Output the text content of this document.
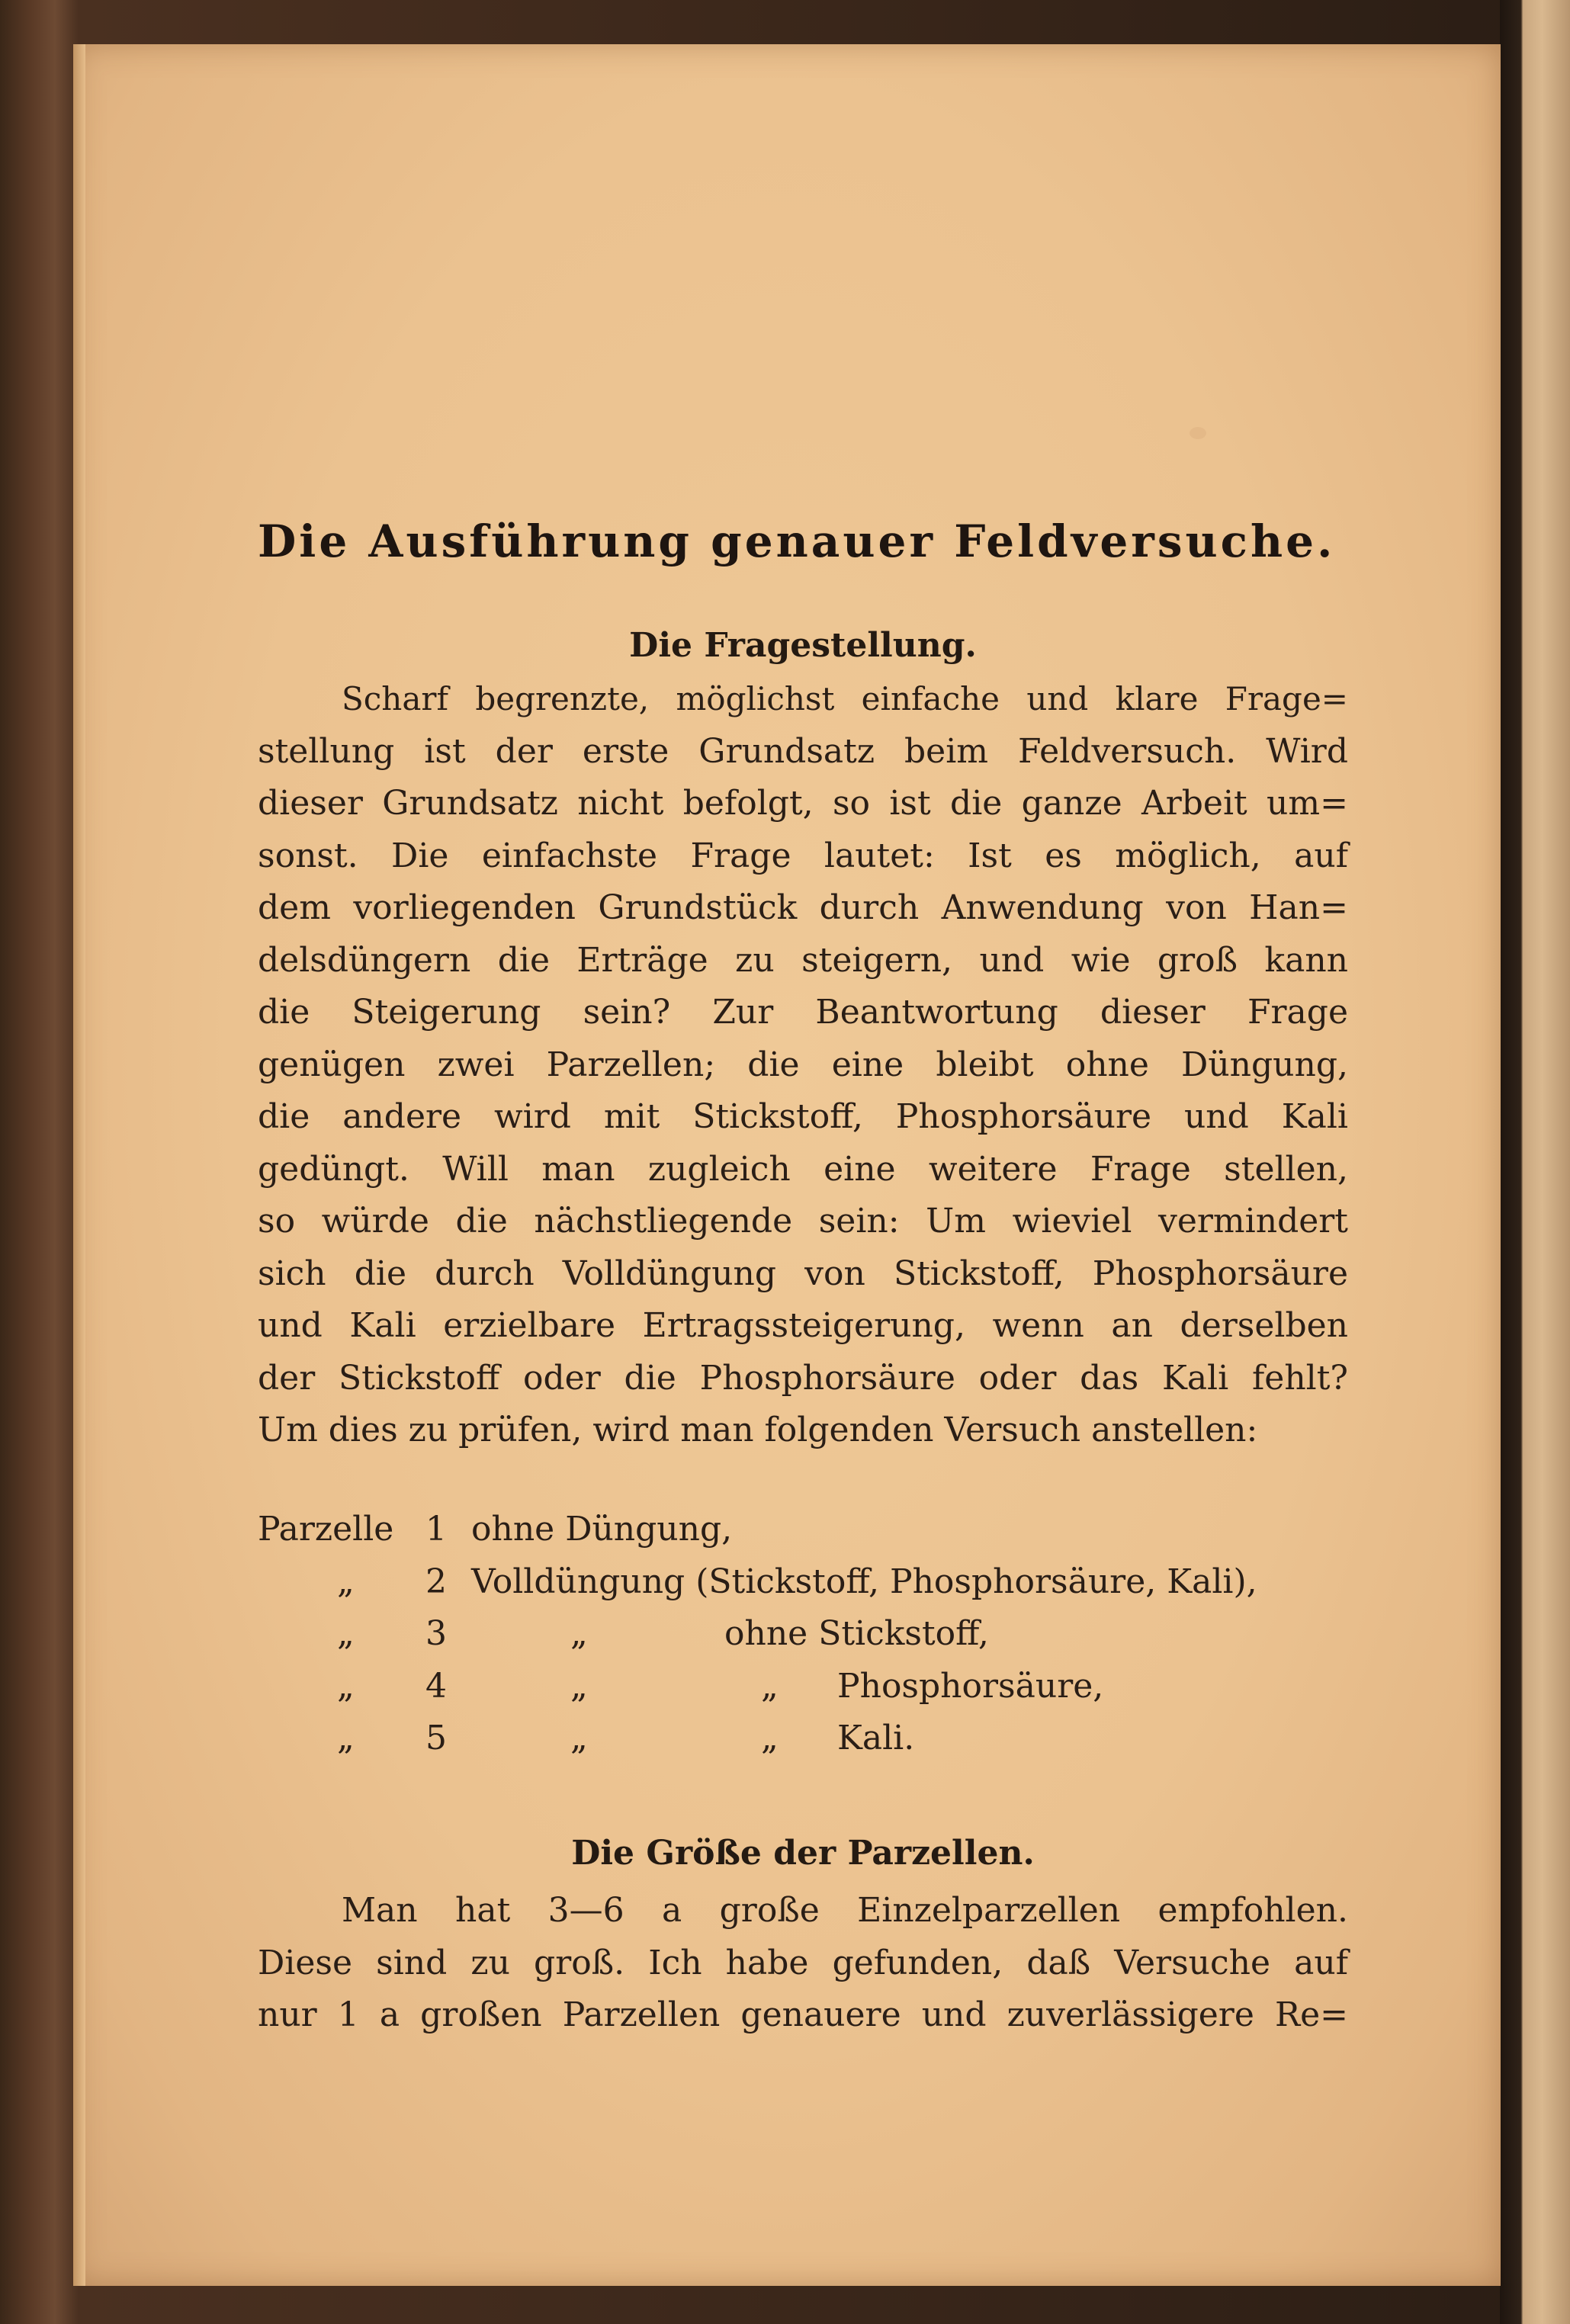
Die Ausführung genauer Feldversuche.
Die Fragestellung.
Scharf begrenzte, möglichst einfache und klare Frage=
stellung ist der erste Grundsatz beim Feldversuch. Wird
dieser Grundsatz nicht befolgt, so ist die ganze Arbeit um=
sonst. Die einfachste Frage lautet: Ist es möglich, auf
dem vorliegenden Grundstück durch Anwendung von Han=
delsdüngern die Erträge zu steigern, und wie groß kann
die Steigerung sein? Zur Beantwortung dieser Frage
genügen zwei Parzellen; die eine bleibt ohne Düngung,
die andere wird mit Stickstoff, Phosphorsäure und Kali
gedüngt. Will man zugleich eine weitere Frage stellen,
so würde die nächstliegende sein: Um wieviel vermindert
sich die durch Volldüngung von Stickstoff, Phosphorsäure
und Kali erzielbare Ertragssteigerung, wenn an derselben
der Stickstoff oder die Phosphorsäure oder das Kali fehlt?
Um dies zu prüfen, wird man folgenden Versuch anstellen:
Parzelle 1 ohne Düngung,
„ 2 Volldüngung (Stickstoff, Phosphorsäure, Kali),
„ 3	„	ohne Stickstoff,
„ 4	„	„ Phosphorsäure,
„ 5	„	„ Kali.
Die Größe der Parzellen.
Man hat 3—6 a große Einzelparzellen empfohlen.
Diese sind zu groß. Ich habe gefunden, daß Versuche auf
nur 1 a großen Parzellen genauere und zuverlässigere Re=
